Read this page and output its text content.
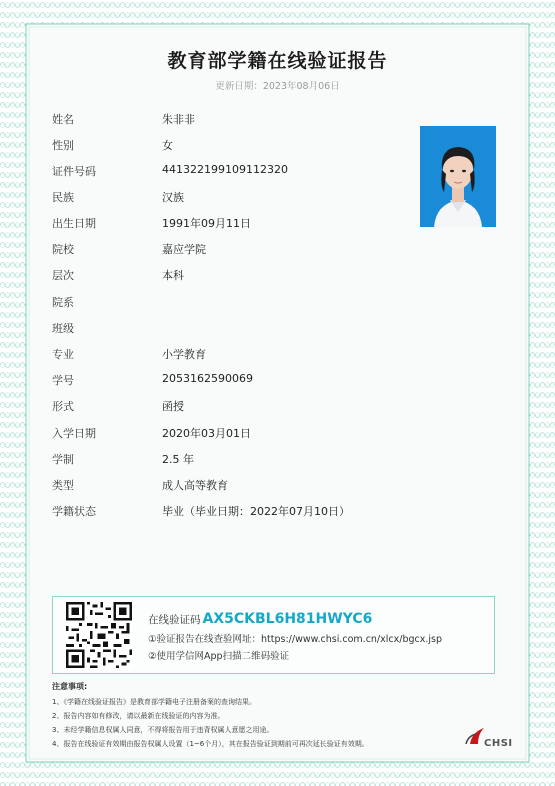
教育部学籍在线验证报告
更新日期：2023年08月06日
姓名	朱非非
性别	女
证件号码	441322199109112320
民族	汉族
出生日期	1991年09月11日
院校	嘉应学院
层次	本科
院系
班级
专业	小学教育
学号	2053162590069
形式	函授
入学日期	2020年03月01日
学制	2.5 年
类型	成人高等教育
学籍状态	毕业（毕业日期：2022年07月10日）
在线验证码 AX5CKBL6H81HWYC6
①验证报告在线查验网址：https://www.chsi.com.cn/xlcx/bgcx.jsp
②使用学信网App扫描二维码验证
注意事项:
1、《学籍在线验证报告》是教育部学籍电子注册备案的查询结果。
2、报告内容如有修改，请以最新在线验证的内容为准。
3、未经学籍信息权属人同意，不得将报告用于违背权属人意愿之用途。
4、报告在线验证有效期由报告权属人设置（1~6个月），其在报告验证到期前可再次延长验证有效期。	CHSI
